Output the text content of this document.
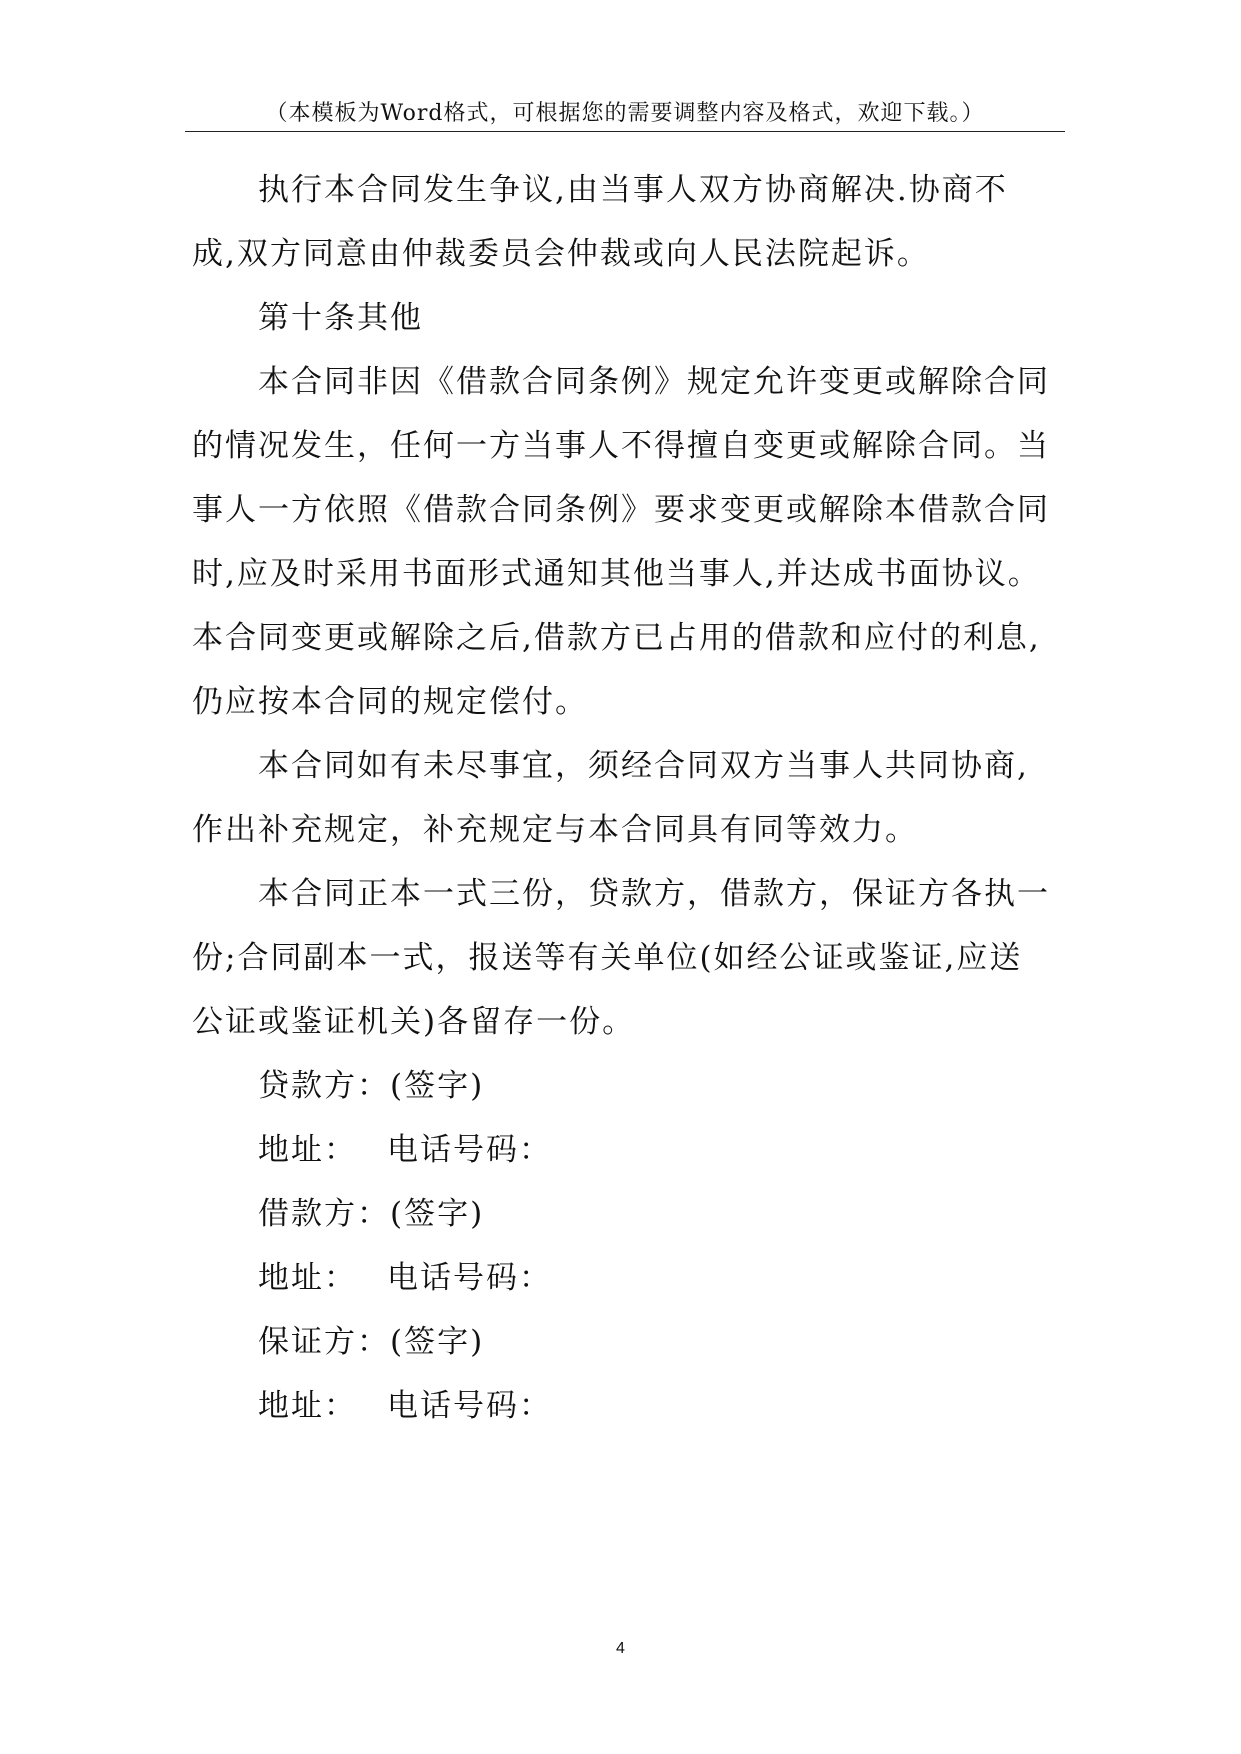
（本模板为Word格式，可根据您的需要调整内容及格式，欢迎下载。）

执行本合同发生争议,由当事人双方协商解决.协商不
成,双方同意由仲裁委员会仲裁或向人民法院起诉。

第十条其他

本合同非因《借款合同条例》规定允许变更或解除合同
的情况发生，任何一方当事人不得擅自变更或解除合同。当
事人一方依照《借款合同条例》要求变更或解除本借款合同
时,应及时采用书面形式通知其他当事人,并达成书面协议。
本合同变更或解除之后,借款方已占用的借款和应付的利息,
仍应按本合同的规定偿付。

本合同如有未尽事宜，须经合同双方当事人共同协商,
作出补充规定，补充规定与本合同具有同等效力。

本合同正本一式三份，贷款方，借款方，保证方各执一
份;合同副本一式，报送等有关单位(如经公证或鉴证,应送
公证或鉴证机关)各留存一份。

贷款方：(签字)

地址： 电话号码：

借款方：(签字)

地址： 电话号码：

保证方：(签字)

地址： 电话号码：

4
